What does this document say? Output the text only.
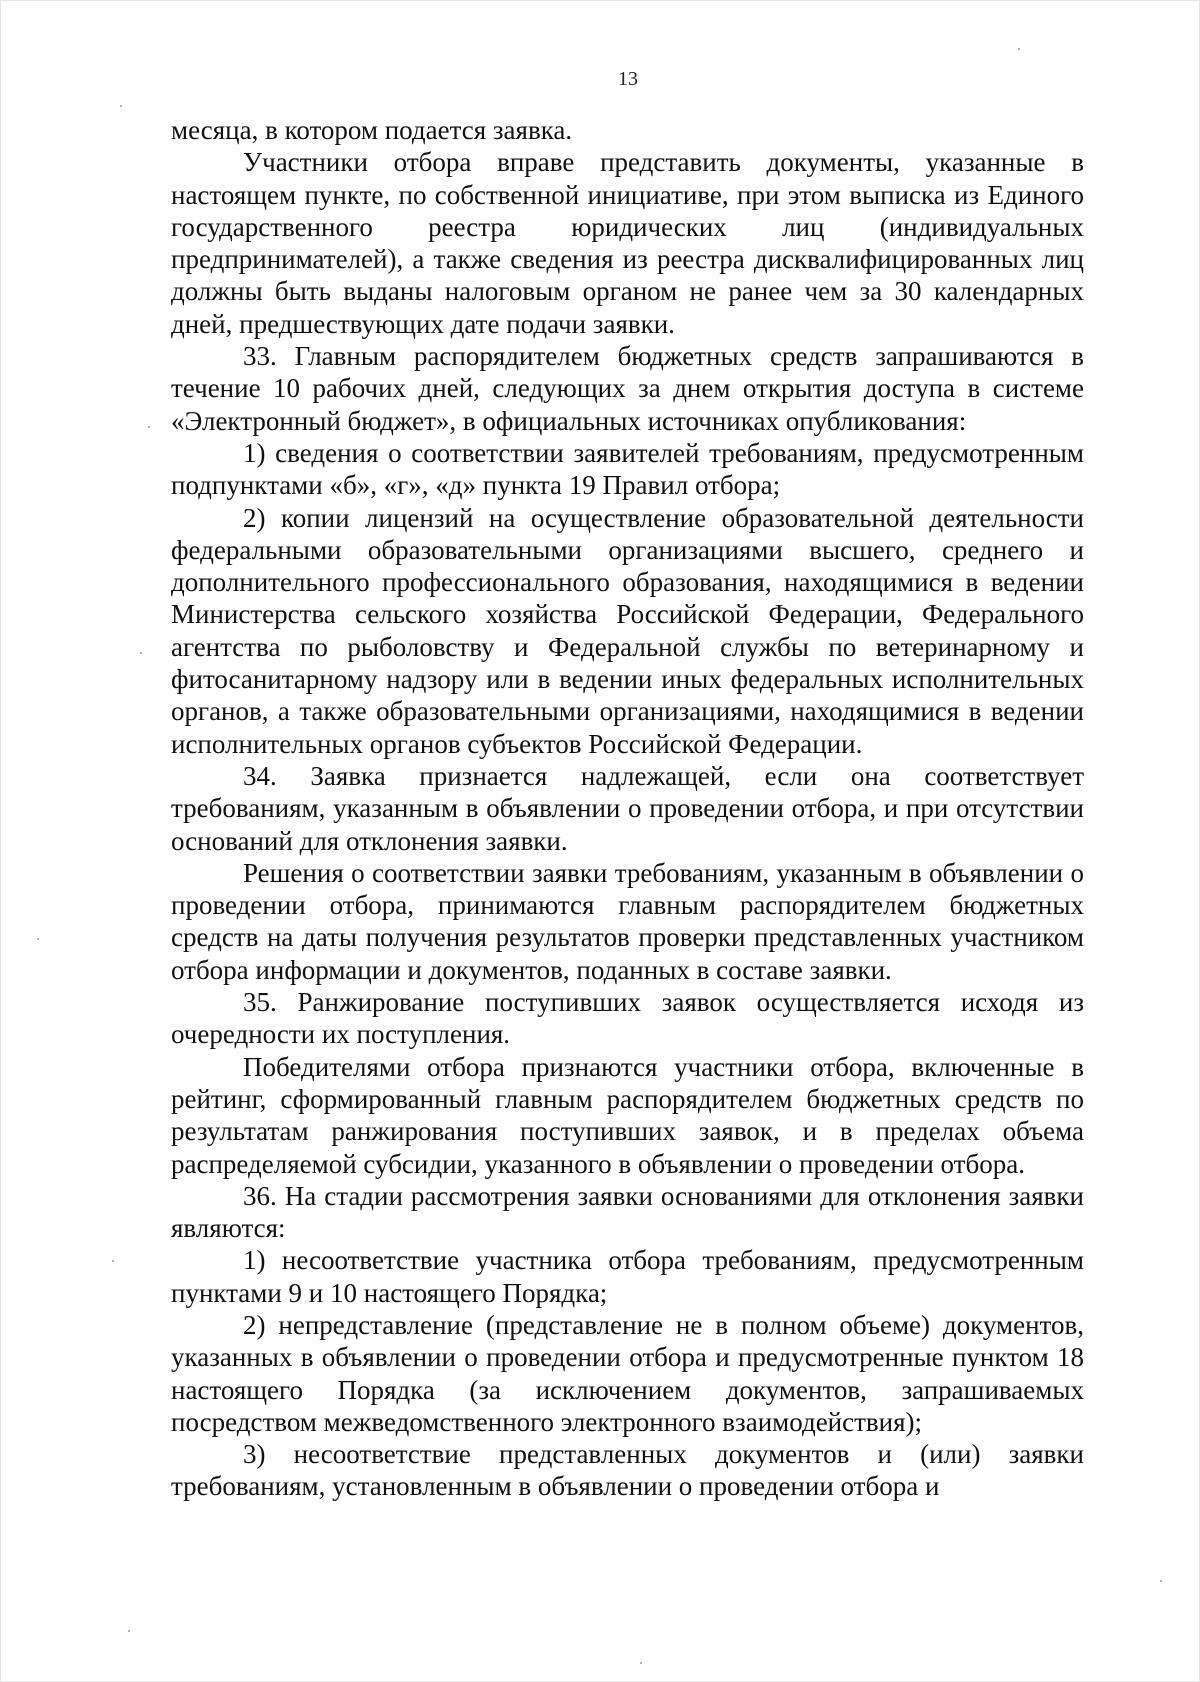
13

месяца, в котором подается заявка.

Участники отбора вправе представить документы, указанные в настоящем пункте, по собственной инициативе, при этом выписка из Единого государственного реестра юридических лиц (индивидуальных предпринимателей), а также сведения из реестра дисквалифицированных лиц должны быть выданы налоговым органом не ранее чем за 30 календарных дней, предшествующих дате подачи заявки.

33. Главным распорядителем бюджетных средств запрашиваются в течение 10 рабочих дней, следующих за днем открытия доступа в системе «Электронный бюджет», в официальных источниках опубликования:

1) сведения о соответствии заявителей требованиям, предусмотренным подпунктами «б», «г», «д» пункта 19 Правил отбора;

2) копии лицензий на осуществление образовательной деятельности федеральными образовательными организациями высшего, среднего и дополнительного профессионального образования, находящимися в ведении Министерства сельского хозяйства Российской Федерации, Федерального агентства по рыболовству и Федеральной службы по ветеринарному и фитосанитарному надзору или в ведении иных федеральных исполнительных органов, а также образовательными организациями, находящимися в ведении исполнительных органов субъектов Российской Федерации.

34. Заявка признается надлежащей, если она соответствует требованиям, указанным в объявлении о проведении отбора, и при отсутствии оснований для отклонения заявки.

Решения о соответствии заявки требованиям, указанным в объявлении о проведении отбора, принимаются главным распорядителем бюджетных средств на даты получения результатов проверки представленных участником отбора информации и документов, поданных в составе заявки.

35. Ранжирование поступивших заявок осуществляется исходя из очередности их поступления.

Победителями отбора признаются участники отбора, включенные в рейтинг, сформированный главным распорядителем бюджетных средств по результатам ранжирования поступивших заявок, и в пределах объема распределяемой субсидии, указанного в объявлении о проведении отбора.

36. На стадии рассмотрения заявки основаниями для отклонения заявки являются:

1) несоответствие участника отбора требованиям, предусмотренным пунктами 9 и 10 настоящего Порядка;

2) непредставление (представление не в полном объеме) документов, указанных в объявлении о проведении отбора и предусмотренные пунктом 18 настоящего Порядка (за исключением документов, запрашиваемых посредством межведомственного электронного взаимодействия);

3) несоответствие представленных документов и (или) заявки требованиям, установленным в объявлении о проведении отбора и
